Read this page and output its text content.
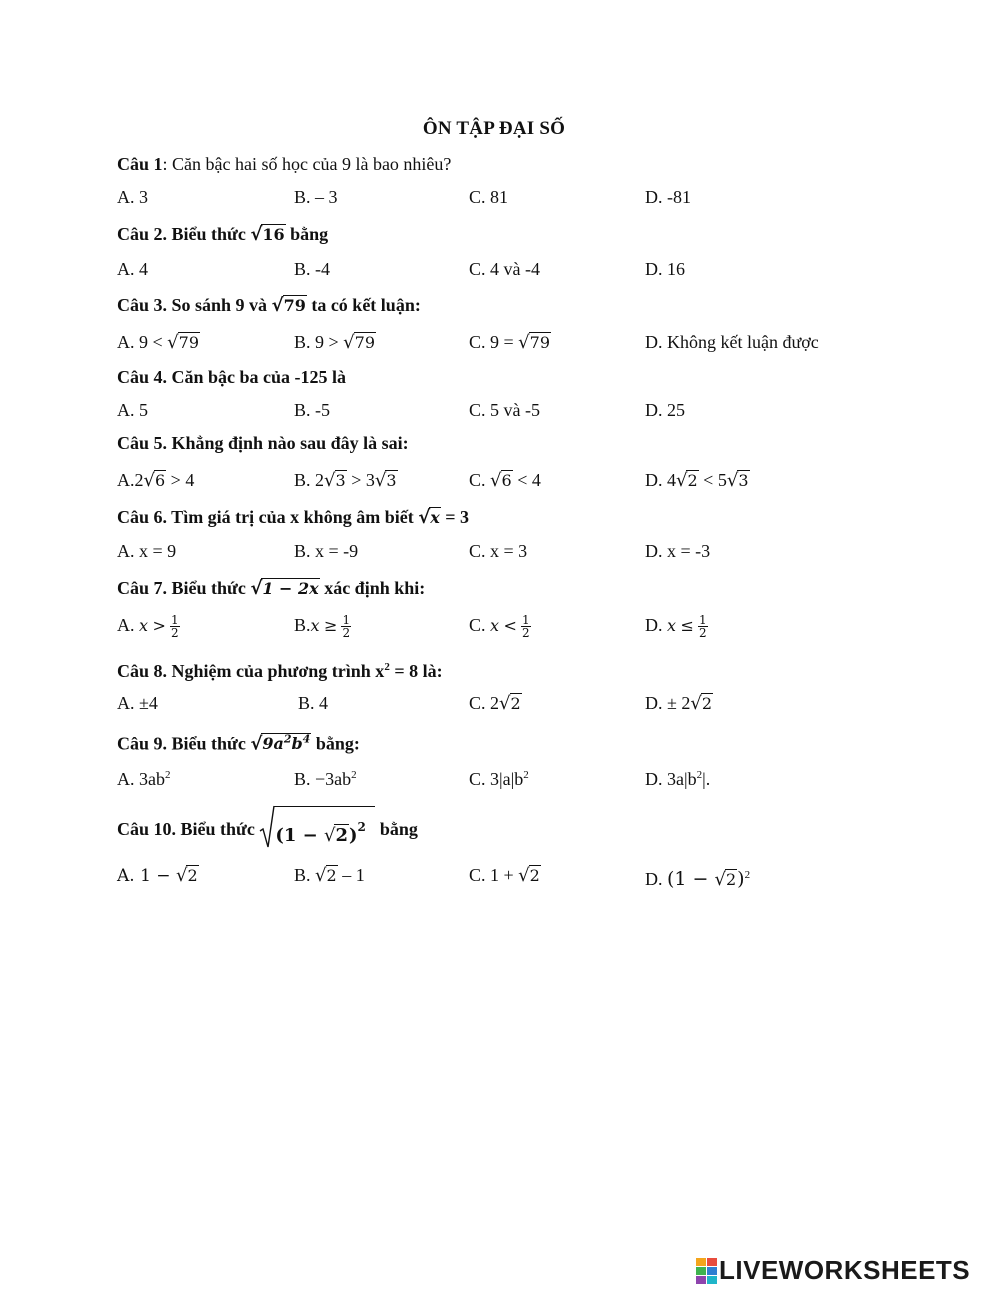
ÔN TẬP ĐẠI SỐ
Câu 1: Căn bậc hai số học của 9 là bao nhiêu?
A. 3	B. – 3	C. 81	D. -81
Câu 2. Biểu thức √16 bằng
A. 4	B. -4	C. 4 và -4	D. 16
Câu 3. So sánh 9 và √79 ta có kết luận:
A. 9 < √79	B. 9 > √79	C. 9 = √79	D. Không kết luận được
Câu 4. Căn bậc ba của -125 là
A. 5	B. -5	C. 5 và -5	D. 25
Câu 5. Khẳng định nào sau đây là sai:
A.2√6 > 4	B. 2√3 > 3√3	C. √6 < 4	D. 4√2 < 5√3
Câu 6. Tìm giá trị của x không âm biết √x = 3
A. x = 9	B. x = -9	C. x = 3	D. x = -3
Câu 7. Biểu thức √1 − 2x xác định khi:
A. $x > \frac{1}{2}$	$B.x \ge \frac{1}{2}$	C. $x < \frac{1}{2}$	D. $x \le \frac{1}{2}$
Câu 8. Nghiệm của phương trình $x^2 = 8$ là:
A. ±4	B. 4	C. 2√2	D. ± 2√2
Câu 9. Biểu thức $√9a^2b^4$ bằng:
A. $3ab^2$	B. $-3ab^2$	C. $3|a|b^2$	D. $3a|b^2|$.
Câu 10. Biểu thức $(1 - √2)^2$ bằng
A. 1 − √2	B. √2 – 1	C. 1 + √2	D. $(1 - √2)^2$
LIVEWORKSHEETS
